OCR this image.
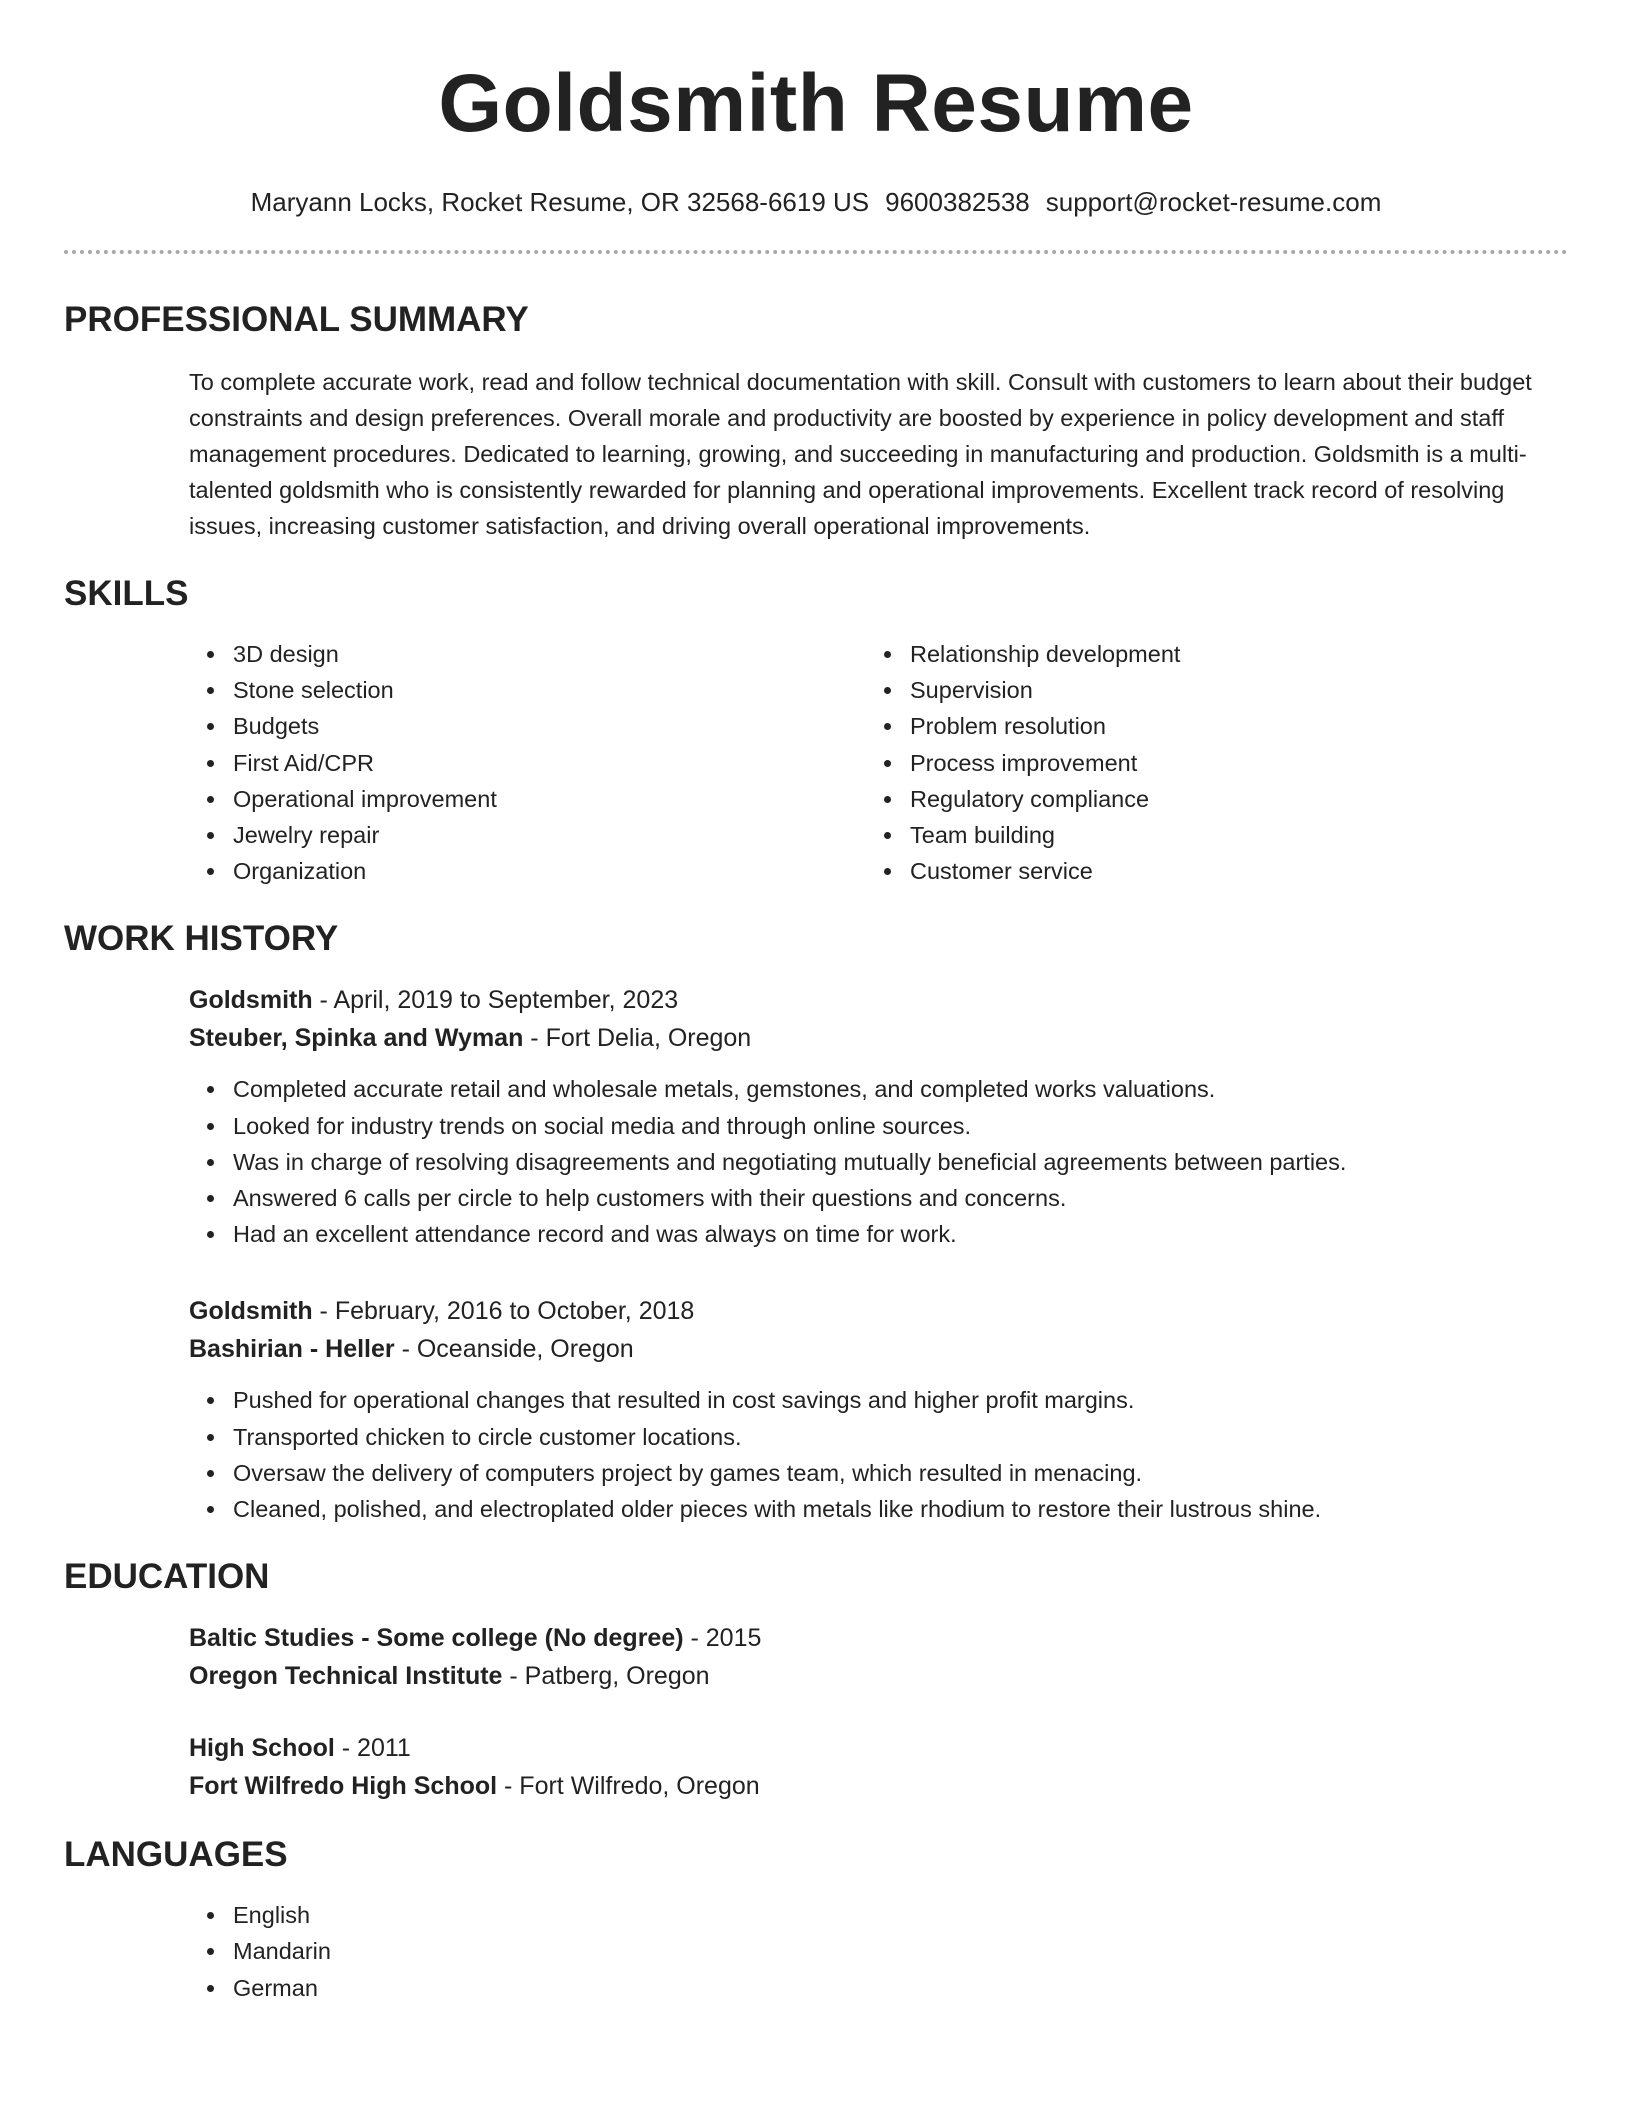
Goldsmith Resume
Maryann Locks, Rocket Resume, OR 32568-6619 US 9600382538 support@rocket-resume.com
PROFESSIONAL SUMMARY
To complete accurate work, read and follow technical documentation with skill. Consult with customers to learn about their budget constraints and design preferences. Overall morale and productivity are boosted by experience in policy development and staff management procedures. Dedicated to learning, growing, and succeeding in manufacturing and production. Goldsmith is a multi-talented goldsmith who is consistently rewarded for planning and operational improvements. Excellent track record of resolving issues, increasing customer satisfaction, and driving overall operational improvements.
SKILLS
3D design
Stone selection
Budgets
First Aid/CPR
Operational improvement
Jewelry repair
Organization
Relationship development
Supervision
Problem resolution
Process improvement
Regulatory compliance
Team building
Customer service
WORK HISTORY
Goldsmith - April, 2019 to September, 2023
Steuber, Spinka and Wyman - Fort Delia, Oregon
Completed accurate retail and wholesale metals, gemstones, and completed works valuations.
Looked for industry trends on social media and through online sources.
Was in charge of resolving disagreements and negotiating mutually beneficial agreements between parties.
Answered 6 calls per circle to help customers with their questions and concerns.
Had an excellent attendance record and was always on time for work.
Goldsmith - February, 2016 to October, 2018
Bashirian - Heller - Oceanside, Oregon
Pushed for operational changes that resulted in cost savings and higher profit margins.
Transported chicken to circle customer locations.
Oversaw the delivery of computers project by games team, which resulted in menacing.
Cleaned, polished, and electroplated older pieces with metals like rhodium to restore their lustrous shine.
EDUCATION
Baltic Studies - Some college (No degree) - 2015
Oregon Technical Institute - Patberg, Oregon
High School - 2011
Fort Wilfredo High School - Fort Wilfredo, Oregon
LANGUAGES
English
Mandarin
German
